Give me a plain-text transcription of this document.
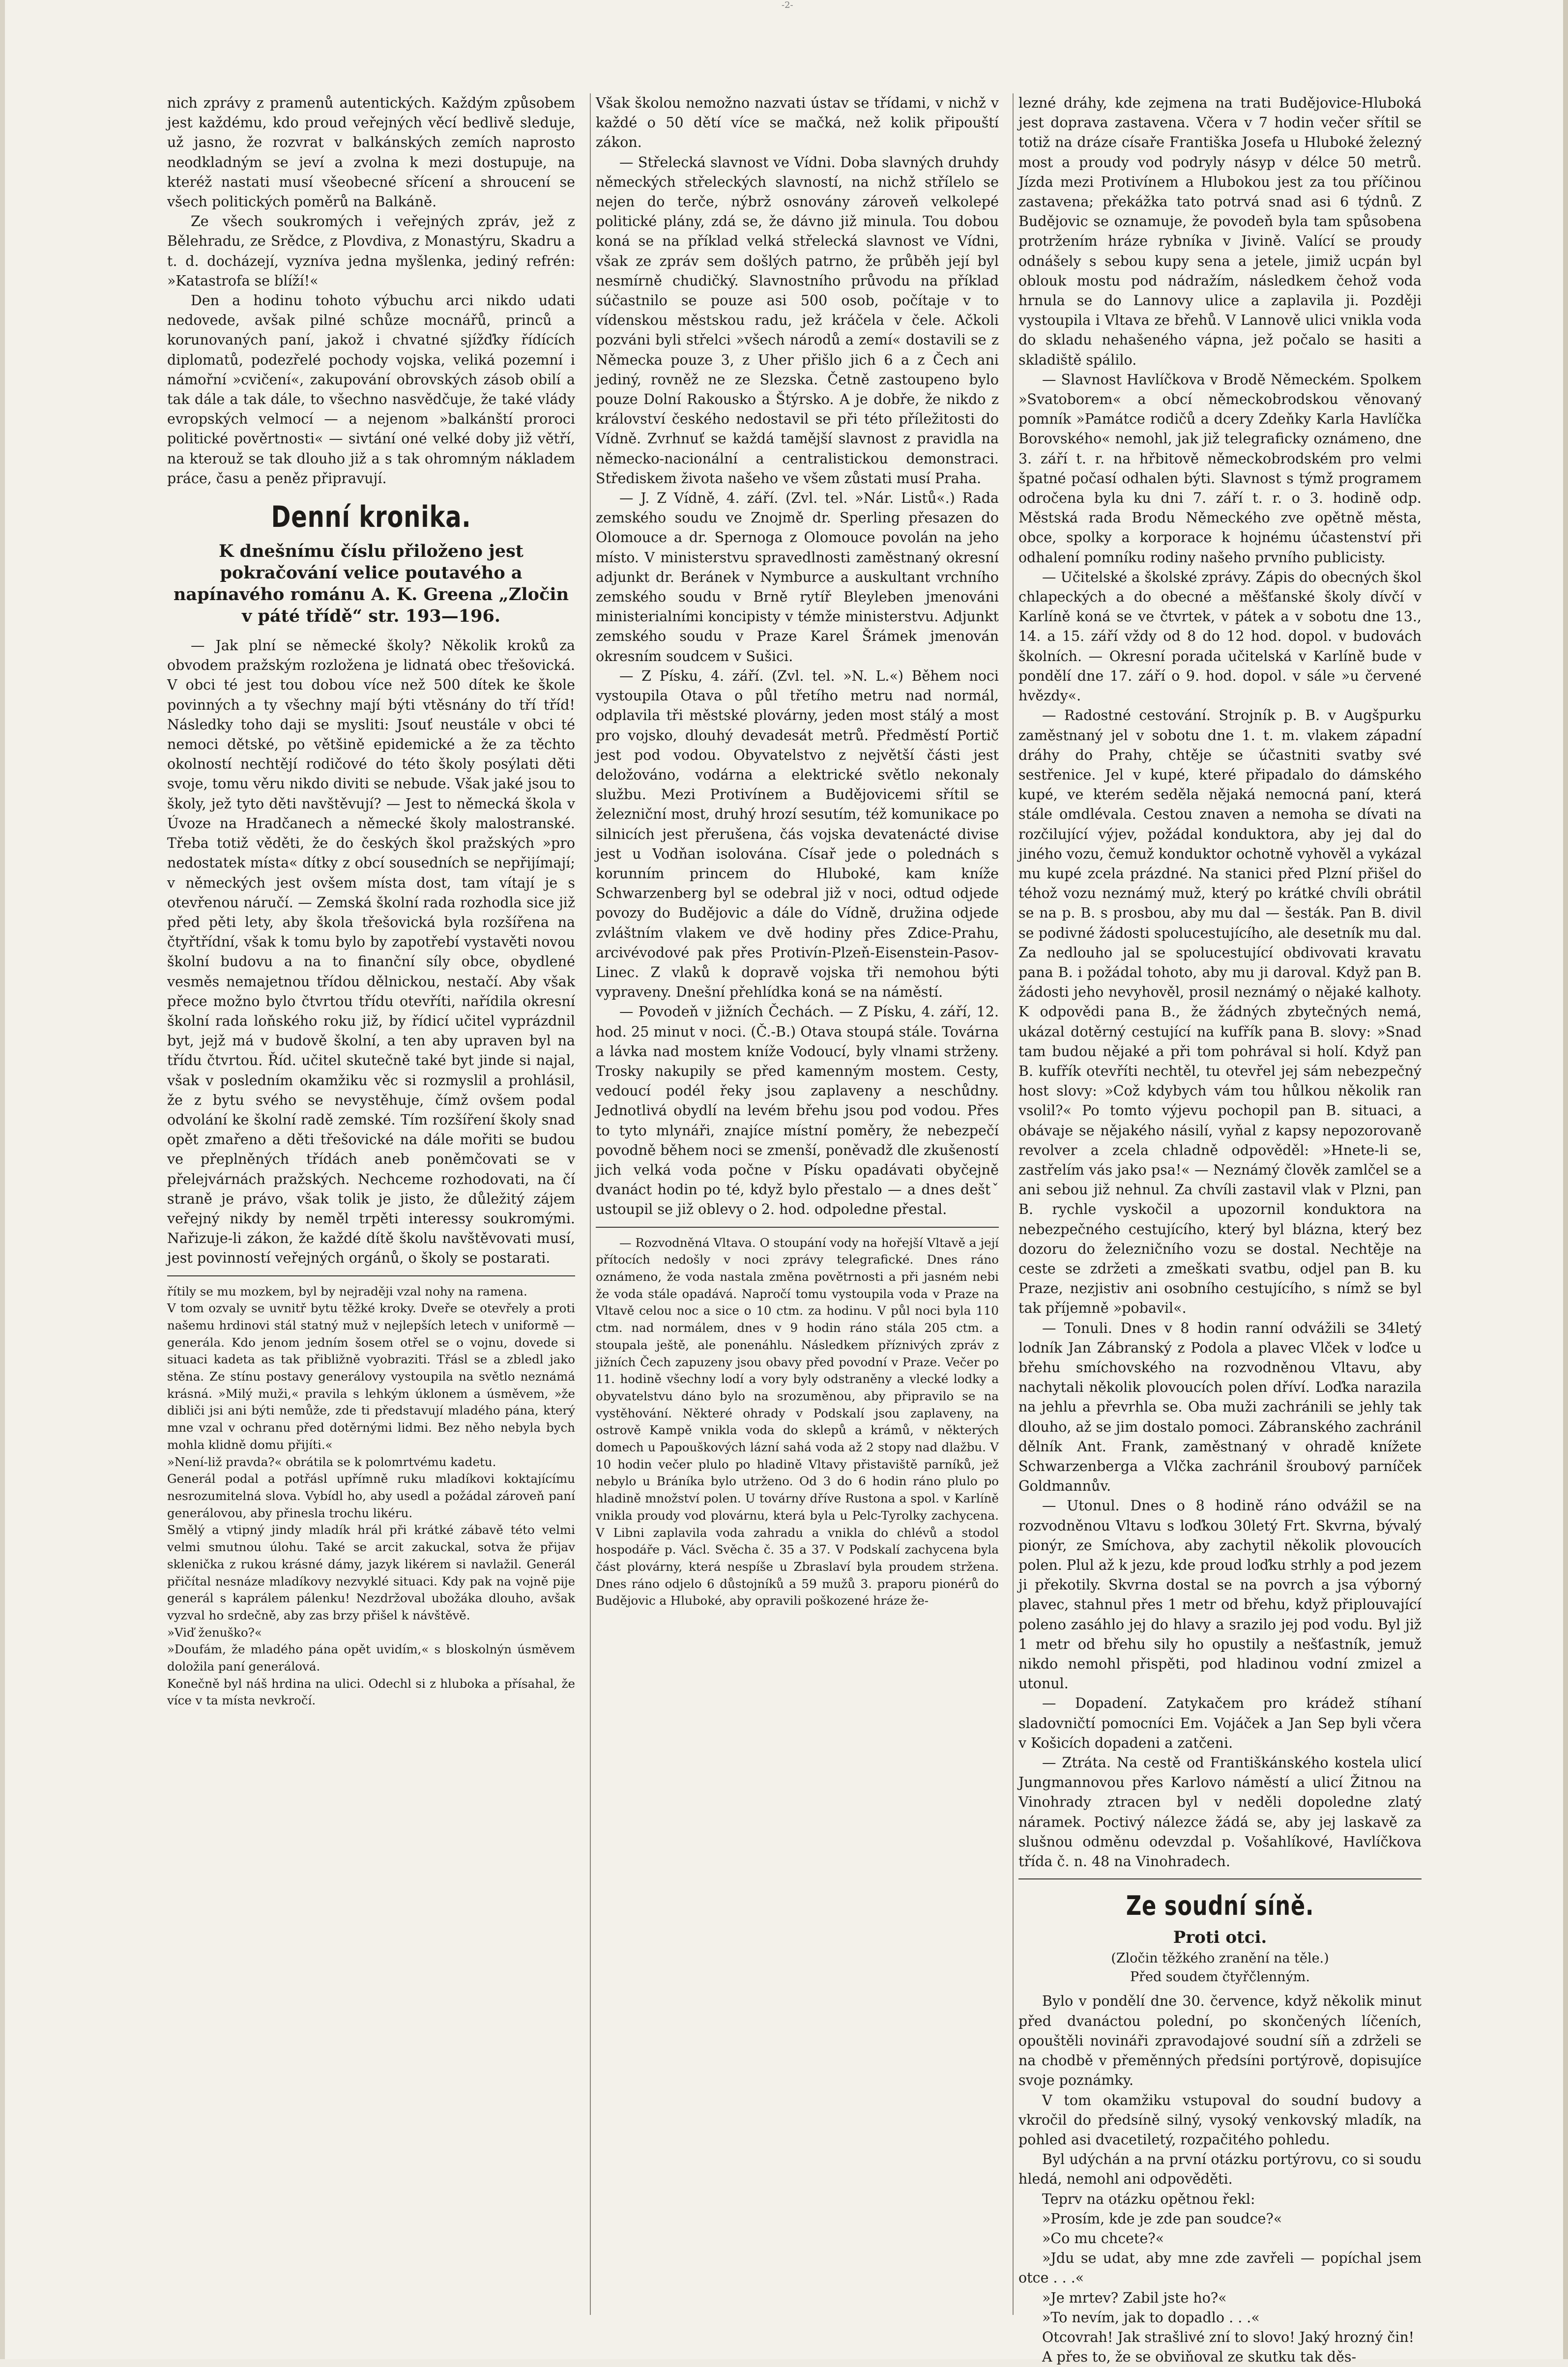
-2-

nich zprávy z pramenů autentických. Každým způsobem jest každému, kdo proud veřejných věcí bedlivě sleduje, už jasno, že rozvrat v balkánských zemích naprosto neodkladným se jeví a zvolna k mezi dostupuje, na kteréž nastati musí všeobecné sřícení a shroucení se všech politických poměrů na Balkáně.

Ze všech soukromých i veřejných zpráv, jež z Bělehradu, ze Srědce, z Plovdiva, z Monastýru, Skadru a t. d. docházejí, vyzníva jedna myšlenka, jediný refrén: »Katastrofa se blíží!«

Den a hodinu tohoto výbuchu arci nikdo udati nedovede, avšak pilné schůze mocnářů, princů a korunovaných paní, jakož i chvatné sjížďky řídících diplomatů, podezřelé pochody vojska, veliká pozemní i námořní »cvičení«, zakupování obrovských zásob obilí a tak dále a tak dále, to všechno nasvědčuje, že také vlády evropských velmocí — a nejenom »balkánští proroci politické pověrtnosti« — sivtání oné velké doby již větří, na kterouž se tak dlouho již a s tak ohromným nákladem práce, času a peněz připravují.

Denní kronika.
K dnešnímu číslu přiloženo jest pokračování velice poutavého a napínavého románu A. K. Greena „Zločin v páté třídě“ str. 193—196.

— Jak plní se německé školy? Několik kroků za obvodem pražským rozložena je lidnatá obec třešovická. V obci té jest tou dobou více než 500 dítek ke škole povinných a ty všechny mají býti vtěsnány do tří tříd! Následky toho daji se mysliti: Jsouť neustále v obci té nemoci dětské, po většině epidemické a že za těchto okolností nechtějí rodičové do této školy posýlati děti svoje, tomu věru nikdo diviti se nebude. Však jaké jsou to školy, jež tyto děti navštěvují? — Jest to německá škola v Úvoze na Hradčanech a německé školy malostranské. Třeba totiž věděti, že do českých škol pražských »pro nedostatek místa« dítky z obcí sousedních se nepřijímají; v německých jest ovšem místa dost, tam vítají je s otevřenou náručí. — Zemská školní rada rozhodla sice již před pěti lety, aby škola třešovická byla rozšířena na čtyřtřídní, však k tomu bylo by zapotřebí vystavěti novou školní budovu a na to finanční síly obce, obydlené vesměs nemajetnou třídou dělnickou, nestačí. Aby však přece možno bylo čtvrtou třídu otevříti, nařídila okresní školní rada loňského roku již, by řídicí učitel vyprázdnil byt, jejž má v budově školní, a ten aby upraven byl na třídu čtvrtou. Říd. učitel skutečně také byt jinde si najal, však v posledním okamžiku věc si rozmyslil a prohlásil, že z bytu svého se nevystěhuje, čímž ovšem podal odvolání ke školní radě zemské. Tím rozšíření školy snad opět zmařeno a děti třešovické na dále mořiti se budou ve přeplněných třídách aneb poněmčovati se v přelejvárnách pražských. Nechceme rozhodovati, na čí straně je právo, však tolik je jisto, že důležitý zájem veřejný nikdy by neměl trpěti interessy soukromými. Nařizuje-li zákon, že každé dítě školu navštěvovati musí, jest povinností veřejných orgánů, o školy se postarati.

řítily se mu mozkem, byl by nejraději vzal nohy na ramena.
V tom ozvaly se uvnitř bytu těžké kroky. Dveře se otevřely a proti našemu hrdinovi stál statný muž v nejlepších letech v uniformě — generála. Kdo jenom jedním šosem otřel se o vojnu, dovede si situaci kadeta as tak přibližně vyobraziti. Třásl se a zbledl jako stěna. Ze stínu postavy generálovy vystoupila na světlo neznámá krásná. »Milý muži,« pravila s lehkým úklonem a úsměvem, »že dibliči jsi ani býti nemůže, zde ti představují mladého pána, který mne vzal v ochranu před dotěrnými lidmi. Bez něho nebyla bych mohla klidně domu přijíti.«
»Není-liž pravda?« obrátila se k polomrtvému kadetu.
Generál podal a potřásl upřímně ruku mladíkovi koktajícímu nesrozumitelná slova. Vybídl ho, aby usedl a požádal zároveň paní generálovou, aby přinesla trochu likéru.
Smělý a vtipný jindy mladík hrál při krátké zábavě této velmi velmi smutnou úlohu. Také se arcit zakuckal, sotva že přijav sklenička z rukou krásné dámy, jazyk likérem si navlažil. Generál přičítal nesnáze mladíkovy nezvyklé situaci. Kdy pak na vojně pije generál s kaprálem pálenku! Nezdržoval ubožáka dlouho, avšak vyzval ho srdečně, aby zas brzy přišel k návštěvě.
»Viď ženuško?«
»Doufám, že mladého pána opět uvidím,« s bloskolnýn úsměvem doložila paní generálová.
Konečně byl náš hrdina na ulici. Odechl si z hluboka a přísahal, že více v ta místa nevkročí.

Však školou nemožno nazvati ústav se třídami, v nichž v každé o 50 dětí více se mačká, než kolik připouští zákon.

— Střelecká slavnost ve Vídni. Doba slavných druhdy německých střeleckých slavností, na nichž střílelo se nejen do terče, nýbrž osnovány zároveň velkolepé politické plány, zdá se, že dávno již minula. Tou dobou koná se na příklad velká střelecká slavnost ve Vídni, však ze zpráv sem došlých patrno, že průběh její byl nesmírně chudičký. Slavnostního průvodu na příklad súčastnilo se pouze asi 500 osob, počítaje v to vídenskou městskou radu, jež kráčela v čele. Ačkoli pozváni byli střelci »všech národů a zemí« dostavili se z Německa pouze 3, z Uher přišlo jich 6 a z Čech ani jediný, rovněž ne ze Slezska. Četně zastoupeno bylo pouze Dolní Rakousko a Štýrsko. A je dobře, že nikdo z království českého nedostavil se při této příležitosti do Vídně. Zvrhnuť se každá tamější slavnost z pravidla na německo-nacionální a centralistickou demonstraci. Střediskem života našeho ve všem zůstati musí Praha.

— J. Z Vídně, 4. září. (Zvl. tel. »Nár. Listů«.) Rada zemského soudu ve Znojmě dr. Sperling přesazen do Olomouce a dr. Spernoga z Olomouce povolán na jeho místo. V ministerstvu spravedlnosti zaměstnaný okresní adjunkt dr. Beránek v Nymburce a auskultant vrchního zemského soudu v Brně rytíř Bleyleben jmenováni ministerialními koncipisty v témže ministerstvu. Adjunkt zemského soudu v Praze Karel Šrámek jmenován okresním soudcem v Sušici.

— Z Písku, 4. září. (Zvl. tel. »N. L.«) Během noci vystoupila Otava o půl třetího metru nad normál, odplavila tři městské plovárny, jeden most stálý a most pro vojsko, dlouhý devadesát metrů. Předměstí Portič jest pod vodou. Obyvatelstvo z největší části jest deložováno, vodárna a elektrické světlo nekonaly službu. Mezi Protivínem a Budějovicemi sřítil se železniční most, druhý hrozí sesutím, též komunikace po silnicích jest přerušena, čás vojska devatenácté divise jest u Vodňan isolována. Císař jede o polednách s korunním princem do Hluboké, kam kníže Schwarzenberg byl se odebral již v noci, odtud odjede povozy do Budějovic a dále do Vídně, družina odjede zvláštním vlakem ve dvě hodiny přes Zdice-Prahu, arcivévodové pak přes Protivín-Plzeň-Eisenstein-Pasov-Linec. Z vlaků k dopravě vojska tři nemohou býti vypraveny. Dnešní přehlídka koná se na náměstí.

— Povodeň v jižních Čechách. — Z Písku, 4. září, 12. hod. 25 minut v noci. (Č.-B.) Otava stoupá stále. Továrna a lávka nad mostem kníže Vodoucí, byly vlnami strženy. Trosky nakupily se před kamenným mostem. Cesty, vedoucí podél řeky jsou zaplaveny a neschůdny. Jednotlivá obydlí na levém břehu jsou pod vodou. Přes to tyto mlynáři, znajíce místní poměry, že nebezpečí povodně během noci se zmenší, poněvadž dle zkušeností jich velká voda počne v Písku opadávati obyčejně dvanáct hodin po té, když bylo přestalo — a dnes deštˇ ustoupil se již oblevy o 2. hod. odpoledne přestal.

— Rozvodněná Vltava. O stoupání vody na hořejší Vltavě a její přítocích nedošly v noci zprávy telegrafické. Dnes ráno oznámeno, že voda nastala změna povětrnosti a při jasném nebi že voda stále opadává. Napročí tomu vystoupila voda v Praze na Vltavě celou noc a sice o 10 ctm. za hodinu. V půl noci byla 110 ctm. nad normálem, dnes v 9 hodin ráno stála 205 ctm. a stoupala ještě, ale ponenáhlu. Následkem příznivých zpráv z jižních Čech zapuzeny jsou obavy před povodní v Praze. Večer po 11. hodině všechny lodí a vory byly odstraněny a vlecké lodky a obyvatelstvu dáno bylo na srozuměnou, aby připravilo se na vystěhování. Některé ohrady v Podskalí jsou zaplaveny, na ostrově Kampě vnikla voda do sklepů a krámů, v některých domech u Papouškových lázní sahá voda až 2 stopy nad dlažbu. V 10 hodin večer plulo po hladině Vltavy přistaviště parníků, jež nebylo u Bráníka bylo utrženo. Od 3 do 6 hodin ráno plulo po hladině množství polen. U továrny dříve Rustona a spol. v Karlíně vnikla proudy vod plovárnu, která byla u Pelc-Tyrolky zachycena. V Libni zaplavila voda zahradu a vnikla do chlévů a stodol hospodáře p. Václ. Svěcha č. 35 a 37. V Podskalí zachycena byla část plovárny, která nespíše u Zbraslaví byla proudem stržena. Dnes ráno odjelo 6 důstojníků a 59 mužů 3. praporu pionérů do Budějovic a Hluboké, aby opravili poškozené hráze že-

lezné dráhy, kde zejmena na trati Budějovice-Hluboká jest doprava zastavena. Včera v 7 hodin večer sřítil se totiž na dráze císaře Františka Josefa u Hluboké železný most a proudy vod podryly násyp v délce 50 metrů. Jízda mezi Protivínem a Hlubokou jest za tou příčinou zastavena; překážka tato potrvá snad asi 6 týdnů. Z Budějovic se oznamuje, že povodeň byla tam spůsobena protržením hráze rybníka v Jivině. Valící se proudy odnášely s sebou kupy sena a jetele, jimiž ucpán byl oblouk mostu pod nádražím, následkem čehož voda hrnula se do Lannovy ulice a zaplavila ji. Později vystoupila i Vltava ze břehů. V Lannově ulici vnikla voda do skladu nehašeného vápna, jež počalo se hasiti a skladiště spálilo.

— Slavnost Havlíčkova v Brodě Německém. Spolkem »Svatoborem« a obcí německobrodskou věnovaný pomník »Památce rodičů a dcery Zdeňky Karla Havlíčka Borovského« nemohl, jak již telegraficky oznámeno, dne 3. září t. r. na hřbitově německobrodském pro velmi špatné počasí odhalen býti. Slavnost s týmž programem odročena byla ku dni 7. září t. r. o 3. hodině odp. Městská rada Brodu Německého zve opětně města, obce, spolky a korporace k hojnému účastenství při odhalení pomníku rodiny našeho prvního publicisty.

— Učitelské a školské zprávy. Zápis do obecných škol chlapeckých a do obecné a měšťanské školy dívčí v Karlíně koná se ve čtvrtek, v pátek a v sobotu dne 13., 14. a 15. září vždy od 8 do 12 hod. dopol. v budovách školních. — Okresní porada učitelská v Karlíně bude v pondělí dne 17. září o 9. hod. dopol. v sále »u červené hvězdy«.

— Radostné cestování. Strojník p. B. v Augšpurku zaměstnaný jel v sobotu dne 1. t. m. vlakem západní dráhy do Prahy, chtěje se účastniti svatby své sestřenice. Jel v kupé, které připadalo do dámského kupé, ve kterém seděla nějaká nemocná paní, která stále omdlévala. Cestou znaven a nemoha se dívati na rozčilující výjev, požádal konduktora, aby jej dal do jiného vozu, čemuž konduktor ochotně vyhověl a vykázal mu kupé zcela prázdné. Na stanici před Plzní přišel do téhož vozu neznámý muž, který po krátké chvíli obrátil se na p. B. s prosbou, aby mu dal — šesták. Pan B. divil se podivné žádosti spolucestujícího, ale desetník mu dal. Za nedlouho jal se spolucestující obdivovati kravatu pana B. i požádal tohoto, aby mu ji daroval. Když pan B. žádosti jeho nevyhověl, prosil neznámý o nějaké kalhoty. K odpovědi pana B., že žádných zbytečných nemá, ukázal dotěrný cestující na kufřík pana B. slovy: »Snad tam budou nějaké a při tom pohrával si holí. Když pan B. kufřík otevříti nechtěl, tu otevřel jej sám nebezpečný host slovy: »Což kdybych vám tou hůlkou několik ran vsolil?« Po tomto výjevu pochopil pan B. situaci, a obávaje se nějakého násilí, vyňal z kapsy nepozorovaně revolver a zcela chladně odpověděl: »Hnete-li se, zastřelím vás jako psa!« — Neznámý člověk zamlčel se a ani sebou již nehnul. Za chvíli zastavil vlak v Plzni, pan B. rychle vyskočil a upozornil konduktora na nebezpečného cestujícího, který byl blázna, který bez dozoru do železničního vozu se dostal. Nechtěje na ceste se zdržeti a zmeškati svatbu, odjel pan B. ku Praze, nezjistiv ani osobního cestujícího, s nímž se byl tak příjemně »pobavil«.

— Tonuli. Dnes v 8 hodin ranní odvážili se 34letý lodník Jan Zábranský z Podola a plavec Vlček v loďce u břehu smíchovského na rozvodněnou Vltavu, aby nachytali několik plovoucích polen dříví. Loďka narazila na jehlu a převrhla se. Oba muži zachránili se jehly tak dlouho, až se jim dostalo pomoci. Zábranského zachránil dělník Ant. Frank, zaměstnaný v ohradě knížete Schwarzenberga a Vlčka zachránil šroubový parníček Goldmannův.

— Utonul. Dnes o 8 hodině ráno odvážil se na rozvodněnou Vltavu s loďkou 30letý Frt. Skvrna, bývalý pionýr, ze Smíchova, aby zachytil několik plovoucích polen. Plul až k jezu, kde proud loďku strhly a pod jezem ji překotily. Skvrna dostal se na povrch a jsa výborný plavec, stahnul přes 1 metr od břehu, když připlouvající poleno zasáhlo jej do hlavy a srazilo jej pod vodu. Byl již 1 metr od břehu sily ho opustily a nešťastník, jemuž nikdo nemohl přispěti, pod hladinou vodní zmizel a utonul.

— Dopadení. Zatykačem pro krádež stíhaní sladovničtí pomocníci Em. Vojáček a Jan Sep byli včera v Košicích dopadeni a zatčeni.

— Ztráta. Na cestě od Františkánského kostela ulicí Jungmannovou přes Karlovo náměstí a ulicí Žitnou na Vinohrady ztracen byl v neděli dopoledne zlatý náramek. Poctivý nálezce žádá se, aby jej laskavě za slušnou odměnu odevzdal p. Vošahlíkové, Havlíčkova třída č. n. 48 na Vinohradech.

Ze soudní síně.
Proti otci.
(Zločin těžkého zranění na těle.)
Před soudem čtyřčlenným.

Bylo v pondělí dne 30. července, když několik minut před dvanáctou polední, po skončených líčeních, opouštěli novináři zpravodajové soudní síň a zdrželi se na chodbě v přeměnných předsíni portýrově, dopisujíce svoje poznámky.

V tom okamžiku vstupoval do soudní budovy a vkročil do předsíně silný, vysoký venkovský mladík, na pohled asi dvacetiletý, rozpačitého pohledu.

Byl udýchán a na první otázku portýrovu, co si soudu hledá, nemohl ani odpověděti.

Teprv na otázku opětnou řekl:

»Prosím, kde je zde pan soudce?«

»Co mu chcete?«

»Jdu se udat, aby mne zde zavřeli — popíchal jsem otce . . .«

»Je mrtev? Zabil jste ho?«

»To nevím, jak to dopadlo . . .«

Otcovrah! Jak strašlivé zní to slovo! Jaký hrozný čin!

A přes to, že se obviňoval ze skutku tak děs-
